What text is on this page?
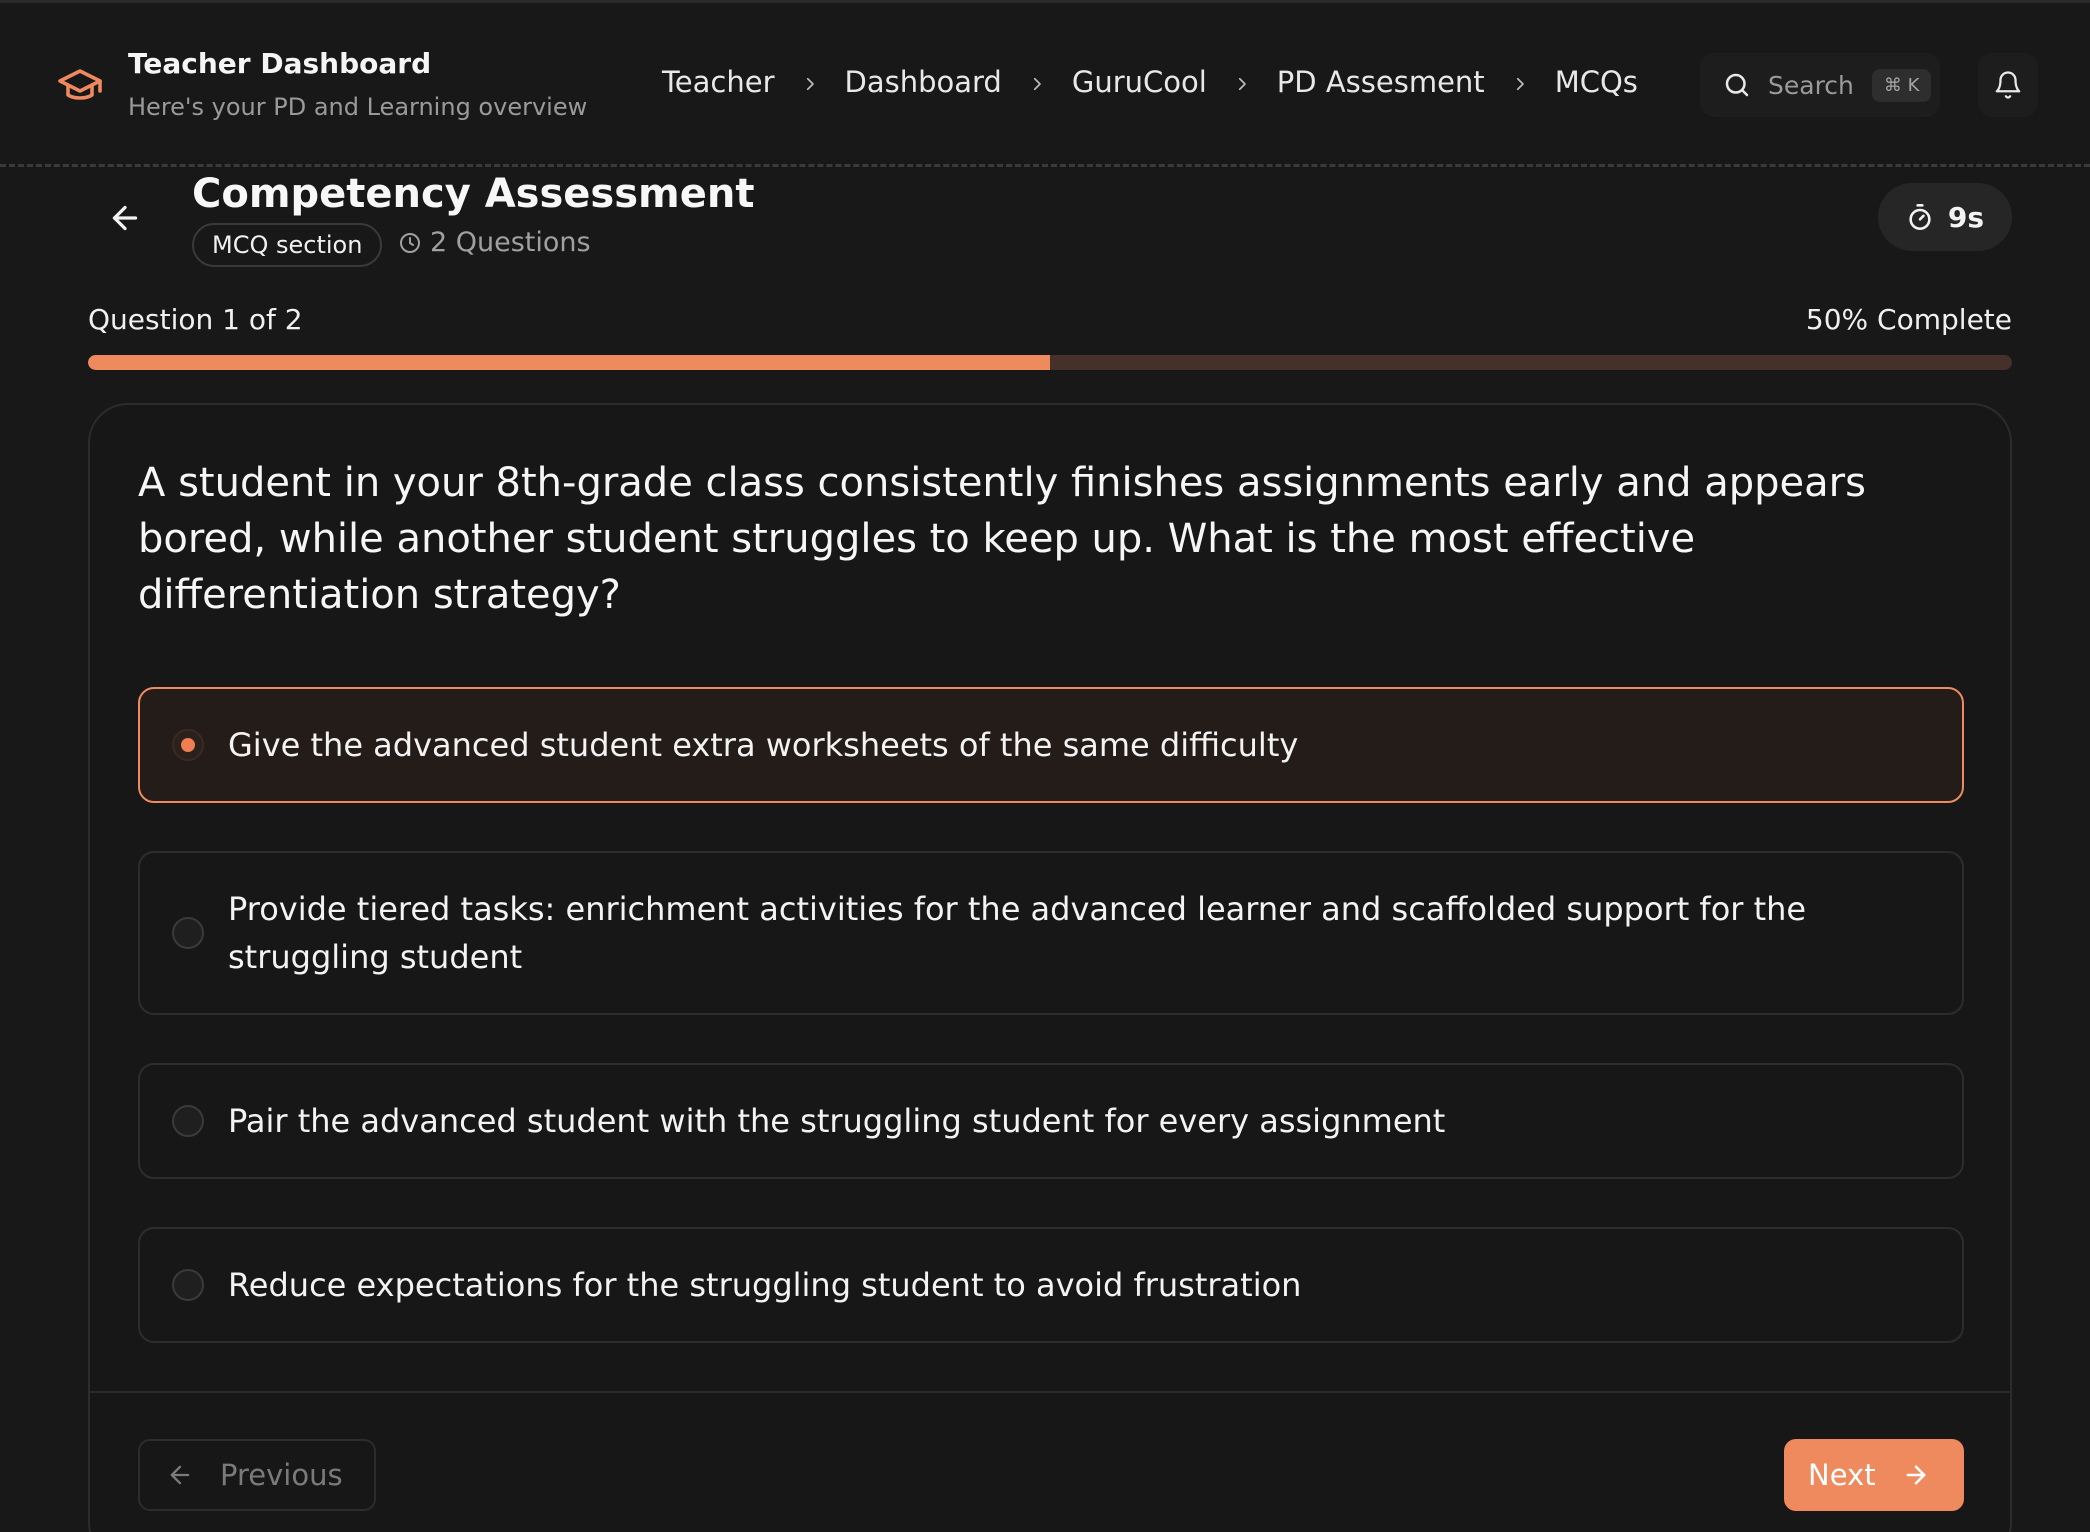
Teacher Dashboard
Here's your PD and Learning overview
Teacher Dashboard GuruCool PD Assesment MCQs	Search	⌘ K
Competency Assessment
MCQ section	2 Questions
9s
Question 1 of 2	50% Complete
A student in your 8th-grade class consistently finishes assignments early and appears bored, while another student struggles to keep up. What is the most effective differentiation strategy?
Give the advanced student extra worksheets of the same difficulty
Provide tiered tasks: enrichment activities for the advanced learner and scaffolded support for the struggling student
Pair the advanced student with the struggling student for every assignment
Reduce expectations for the struggling student to avoid frustration
Previous	Next
